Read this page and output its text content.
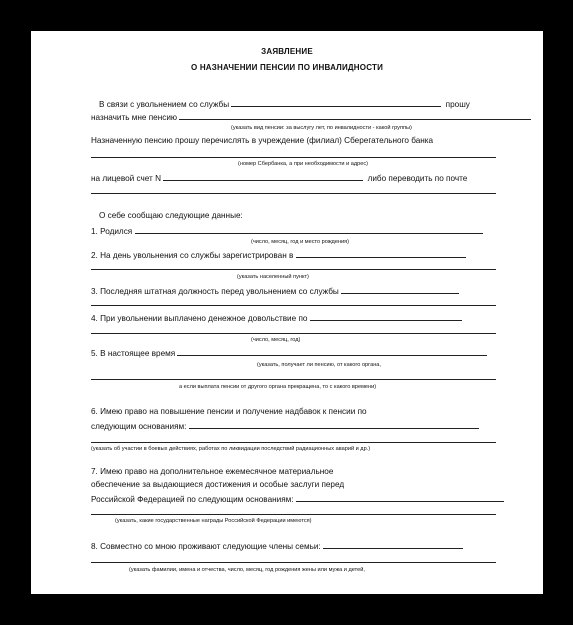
ЗАЯВЛЕНИЕ
О НАЗНАЧЕНИИ ПЕНСИИ ПО ИНВАЛИДНОСТИ
В связи с увольнением со службы	прошу
назначить мне пенсию
(указать вид пенсии: за выслугу лет, по инвалидности - какой группы)
Назначенную пенсию прошу перечислять в учреждение (филиал) Сберегательного банка
(номер Сбербанка, а при необходимости и адрес)
на лицевой счет N	либо переводить по почте
О себе сообщаю следующие данные:
1. Родился
(число, месяц, год и место рождения)
2. На день увольнения со службы зарегистрирован в
(указать населенный пункт)
3. Последняя штатная должность перед увольнением со службы
4. При увольнении выплачено денежное довольствие по
(число, месяц, год)
5. В настоящее время
(указать, получает ли пенсию, от какого органа,
а если выплата пенсии от другого органа прекращена, то с какого времени)
6. Имею право на повышение пенсии и получение надбавок к пенсии по
следующим основаниям:
(указать об участии в боевых действиях, работах по ликвидации последствий радиационных аварий и др.)
7. Имею право на дополнительное ежемесячное материальное
обеспечение за выдающиеся достижения и особые заслуги перед
Российской Федерацией по следующим основаниям:
(указать, какие государственные награды Российской Федерации имеются)
8. Совместно со мною проживают следующие члены семьи:
(указать фамилии, имена и отчества, число, месяц, год рождения жены или мужа и детей,
